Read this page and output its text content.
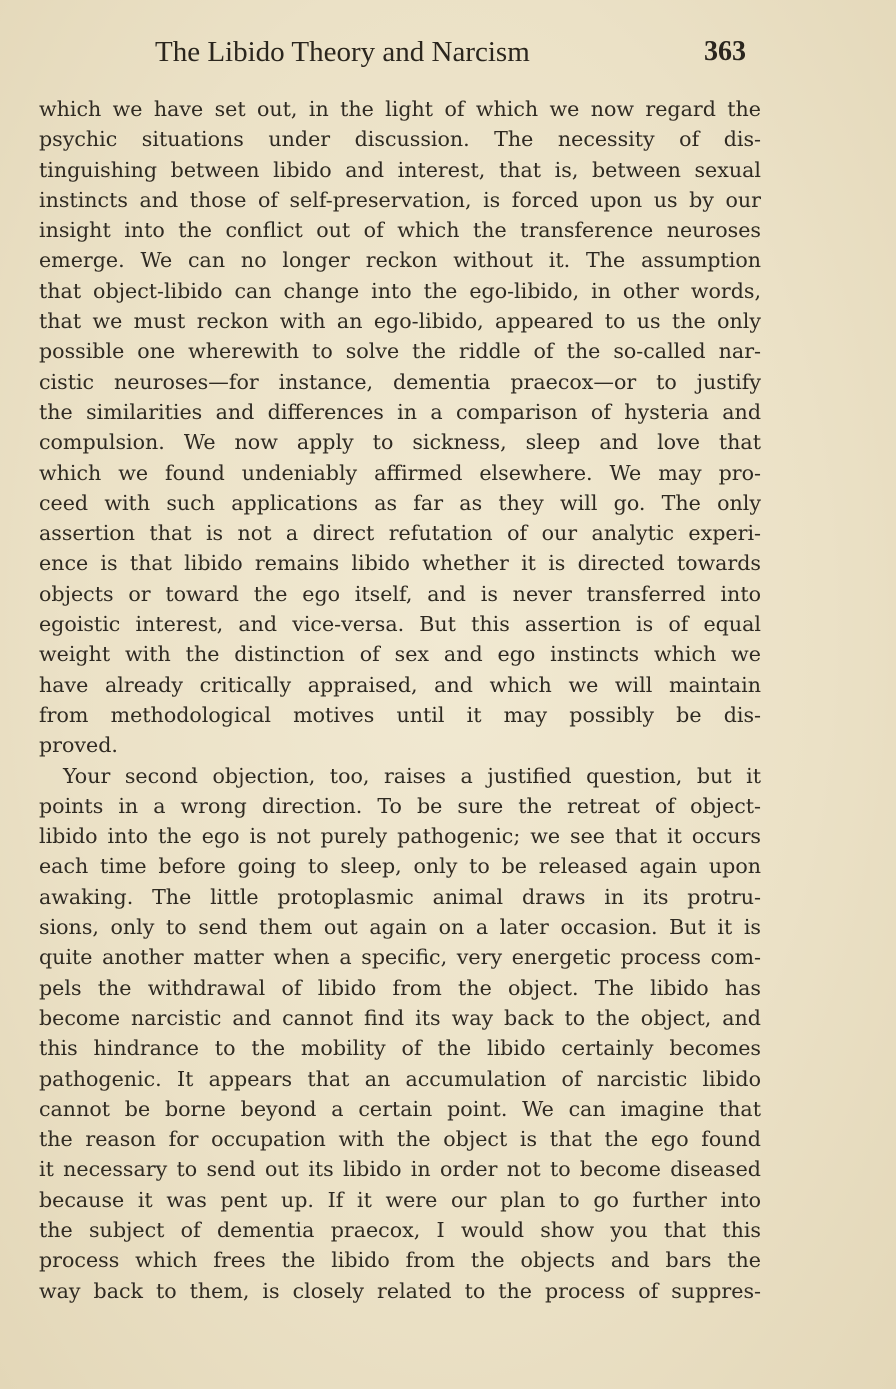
The Libido Theory and Narcism	363
which we have set out, in the light of which we now regard the
psychic situations under discussion. The necessity of dis-
tinguishing between libido and interest, that is, between sexual
instincts and those of self-preservation, is forced upon us by our
insight into the conflict out of which the transference neuroses
emerge. We can no longer reckon without it. The assumption
that object-libido can change into the ego-libido, in other words,
that we must reckon with an ego-libido, appeared to us the only
possible one wherewith to solve the riddle of the so-called nar-
cistic neuroses—for instance, dementia praecox—or to justify
the similarities and differences in a comparison of hysteria and
compulsion. We now apply to sickness, sleep and love that
which we found undeniably affirmed elsewhere. We may pro-
ceed with such applications as far as they will go. The only
assertion that is not a direct refutation of our analytic experi-
ence is that libido remains libido whether it is directed towards
objects or toward the ego itself, and is never transferred into
egoistic interest, and vice-versa. But this assertion is of equal
weight with the distinction of sex and ego instincts which we
have already critically appraised, and which we will maintain
from methodological motives until it may possibly be dis-
proved.
Your second objection, too, raises a justified question, but it
points in a wrong direction. To be sure the retreat of object-
libido into the ego is not purely pathogenic; we see that it occurs
each time before going to sleep, only to be released again upon
awaking. The little protoplasmic animal draws in its protru-
sions, only to send them out again on a later occasion. But it is
quite another matter when a specific, very energetic process com-
pels the withdrawal of libido from the object. The libido has
become narcistic and cannot find its way back to the object, and
this hindrance to the mobility of the libido certainly becomes
pathogenic. It appears that an accumulation of narcistic libido
cannot be borne beyond a certain point. We can imagine that
the reason for occupation with the object is that the ego found
it necessary to send out its libido in order not to become diseased
because it was pent up. If it were our plan to go further into
the subject of dementia praecox, I would show you that this
process which frees the libido from the objects and bars the
way back to them, is closely related to the process of suppres-
